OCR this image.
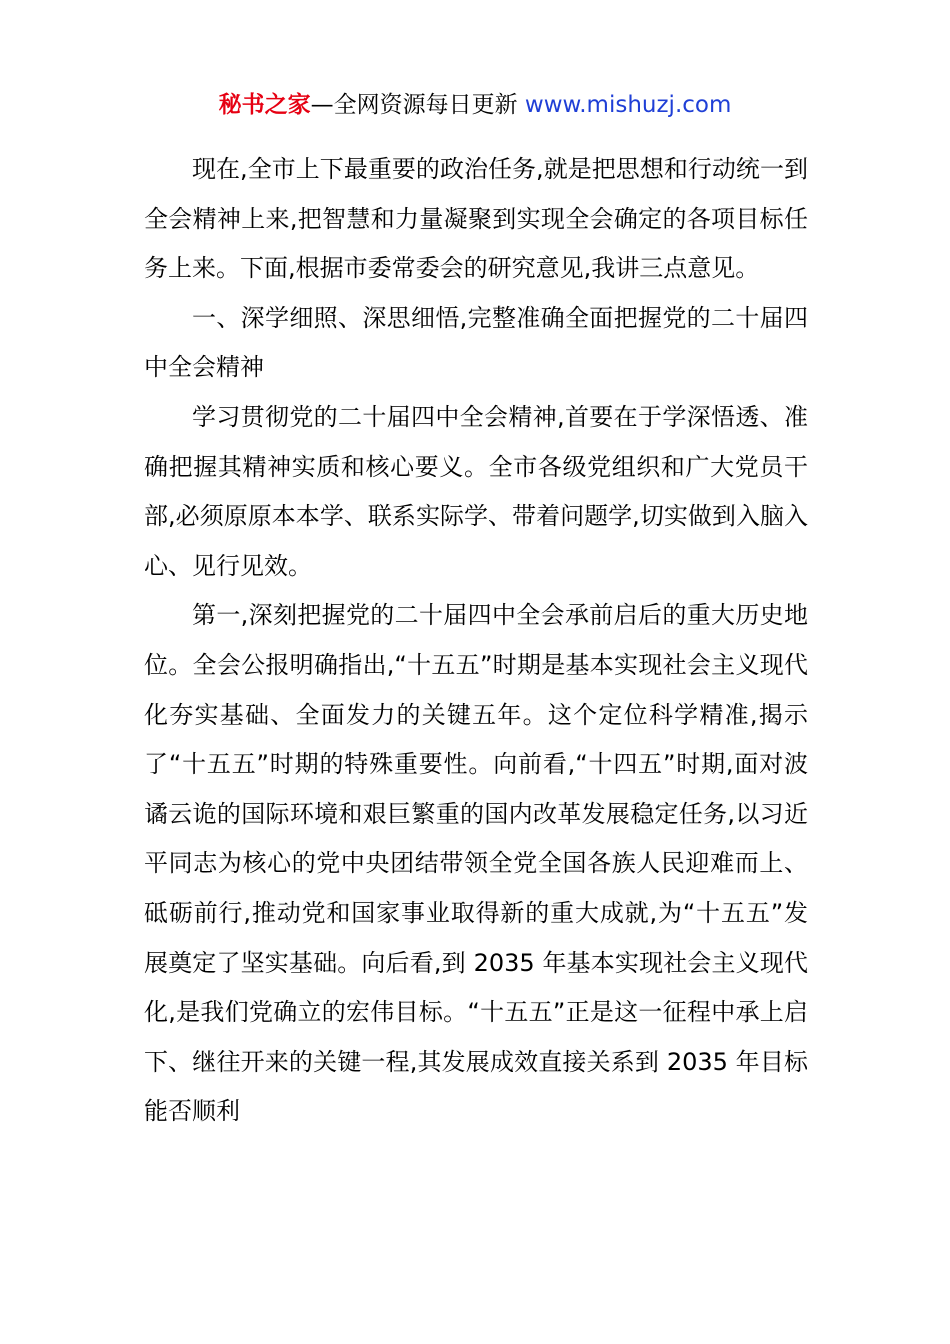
秘书之家—全网资源每日更新 www.mishuzj.com

现在,全市上下最重要的政治任务,就是把思想和行动统一到全会精神上来,把智慧和力量凝聚到实现全会确定的各项目标任务上来。下面,根据市委常委会的研究意见,我讲三点意见。

一、深学细照、深思细悟,完整准确全面把握党的二十届四中全会精神

学习贯彻党的二十届四中全会精神,首要在于学深悟透、准确把握其精神实质和核心要义。全市各级党组织和广大党员干部,必须原原本本学、联系实际学、带着问题学,切实做到入脑入心、见行见效。

第一,深刻把握党的二十届四中全会承前启后的重大历史地位。全会公报明确指出,“十五五”时期是基本实现社会主义现代化夯实基础、全面发力的关键五年。这个定位科学精准,揭示了“十五五”时期的特殊重要性。向前看,“十四五”时期,面对波谲云诡的国际环境和艰巨繁重的国内改革发展稳定任务,以习近平同志为核心的党中央团结带领全党全国各族人民迎难而上、砥砺前行,推动党和国家事业取得新的重大成就,为“十五五”发展奠定了坚实基础。向后看,到 2035 年基本实现社会主义现代化,是我们党确立的宏伟目标。“十五五”正是这一征程中承上启下、继往开来的关键一程,其发展成效直接关系到 2035 年目标能否顺利
